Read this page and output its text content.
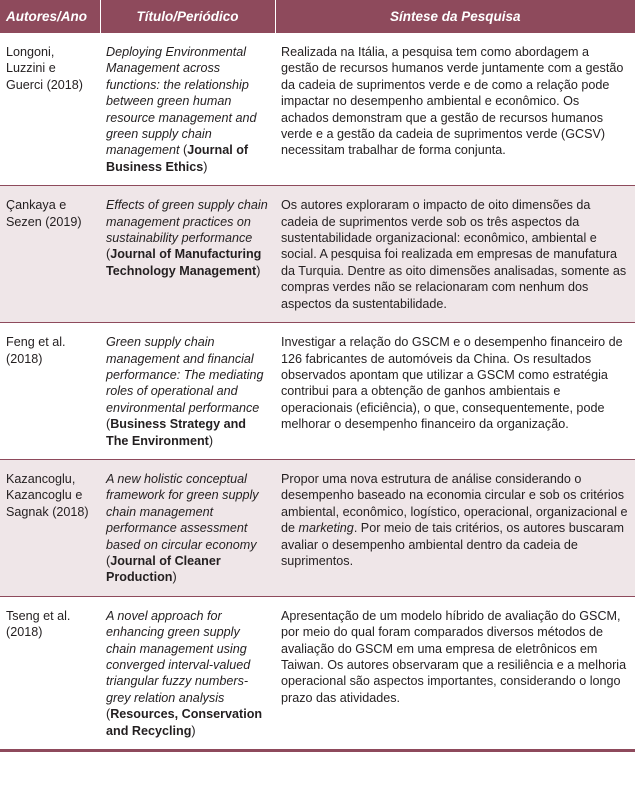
Autores/Ano	Título/Periódico	Síntese da Pesquisa
Longoni, Luzzini e Guerci (2018)	Deploying Environmental Management across functions: the relationship between green human resource management and green supply chain management (Journal of Business Ethics)	Realizada na Itália, a pesquisa tem como abordagem a gestão de recursos humanos verde juntamente com a gestão da cadeia de suprimentos verde e de como a relação pode impactar no desempenho ambiental e econômico. Os achados demonstram que a gestão de recursos humanos verde e a gestão da cadeia de suprimentos verde (GCSV) necessitam trabalhar de forma conjunta.
Çankaya e Sezen (2019)	Effects of green supply chain management practices on sustainability performance (Journal of Manufacturing Technology Management)	Os autores exploraram o impacto de oito dimensões da cadeia de suprimentos verde sob os três aspectos da sustentabilidade organizacional: econômico, ambiental e social. A pesquisa foi realizada em empresas de manufatura da Turquia. Dentre as oito dimensões analisadas, somente as compras verdes não se relacionaram com nenhum dos aspectos da sustentabilidade.
Feng et al. (2018)	Green supply chain management and financial performance: The mediating roles of operational and environmental performance (Business Strategy and The Environment)	Investigar a relação do GSCM e o desempenho financeiro de 126 fabricantes de automóveis da China. Os resultados observados apontam que utilizar a GSCM como estratégia contribui para a obtenção de ganhos ambientais e operacionais (eficiência), o que, consequentemente, pode melhorar o desempenho financeiro da organização.
Kazancoglu, Kazancoglu e Sagnak (2018)	A new holistic conceptual framework for green supply chain management performance assessment based on circular economy (Journal of Cleaner Production)	Propor uma nova estrutura de análise considerando o desempenho baseado na economia circular e sob os critérios ambiental, econômico, logístico, operacional, organizacional e de marketing. Por meio de tais critérios, os autores buscaram avaliar o desempenho ambiental dentro da cadeia de suprimentos.
Tseng et al. (2018)	A novel approach for enhancing green supply chain management using converged interval-valued triangular fuzzy numbers-grey relation analysis (Resources, Conservation and Recycling)	Apresentação de um modelo híbrido de avaliação do GSCM, por meio do qual foram comparados diversos métodos de avaliação do GSCM em uma empresa de eletrônicos em Taiwan. Os autores observaram que a resiliência e a melhoria operacional são aspectos importantes, considerando o longo prazo das atividades.
